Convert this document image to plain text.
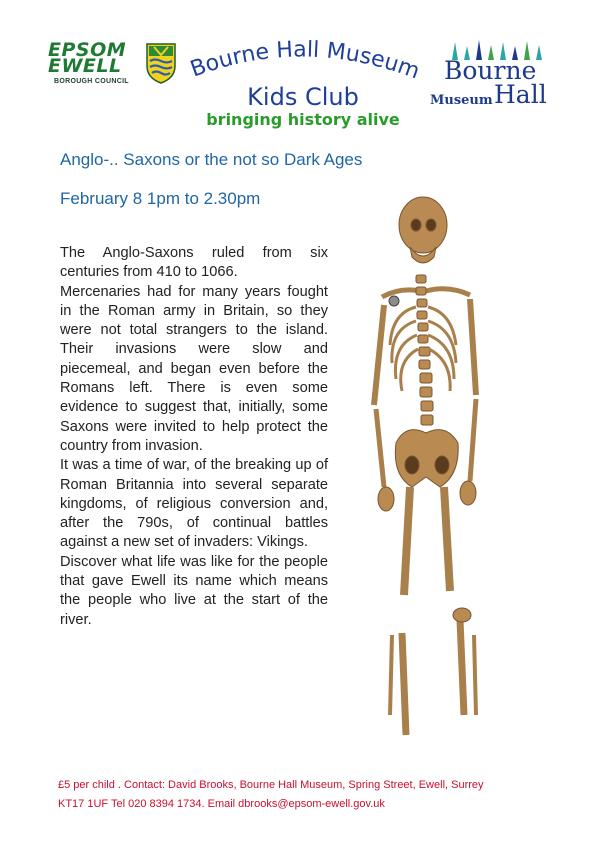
EPSOM
EWELL
BOROUGH COUNCIL	Bourne Hall Museum
Kids Club
bringing history alive
Bourne
Museum Hall
Anglo-.. Saxons or the not so Dark Ages
February 8 1pm to 2.30pm

The Anglo-Saxons ruled from six centuries from 410 to 1066.

Mercenaries had for many years fought in the Roman army in Britain, so they were not total strangers to the island. Their invasions were slow and piecemeal, and began even before the Romans left. There is even some evidence to suggest that, initially, some Saxons were invited to help protect the country from invasion.

It was a time of war, of the breaking up of Roman Britannia into several separate kingdoms, of religious conversion and, after the 790s, of continual battles against a new set of invaders: Vikings.

Discover what life was like for the people that gave Ewell its name which means the people who live at the start of the river.

£5 per child . Contact: David Brooks, Bourne Hall Museum, Spring Street, Ewell, Surrey
KT17 1UF Tel 020 8394 1734. Email dbrooks@epsom-ewell.gov.uk
